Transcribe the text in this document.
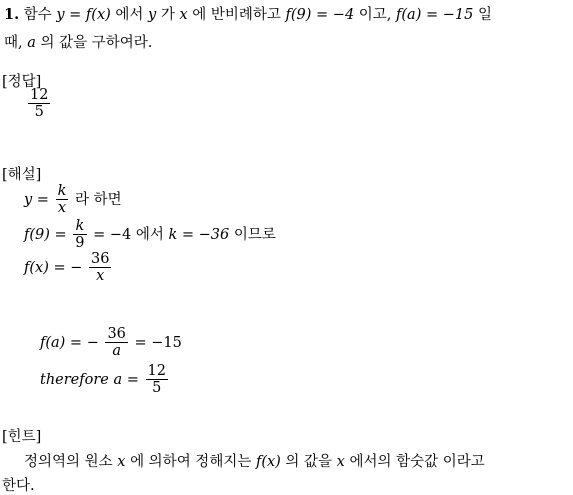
1. 함수 y = f(x) 에서 y 가 x 에 반비례하고 f(9) = −4 이고, f(a) = −15 일
때, a 의 값을 구하여라.
[정답]
$\frac{12}{5}$
[해설]
$y = \frac{k}{x}$ 라 하면
$f(9) = \frac{k}{9} = -4$ 에서 k = −36 이므로
f(x) = − $\frac{36}{x}$
f(a) = − $\frac{36}{a} = -15$
therefore $a = \frac{12}{5}$
[힌트]
정의역의 원소 x 에 의하여 정해지는 f(x) 의 값을 x 에서의 함숫값 이라고
한다.
